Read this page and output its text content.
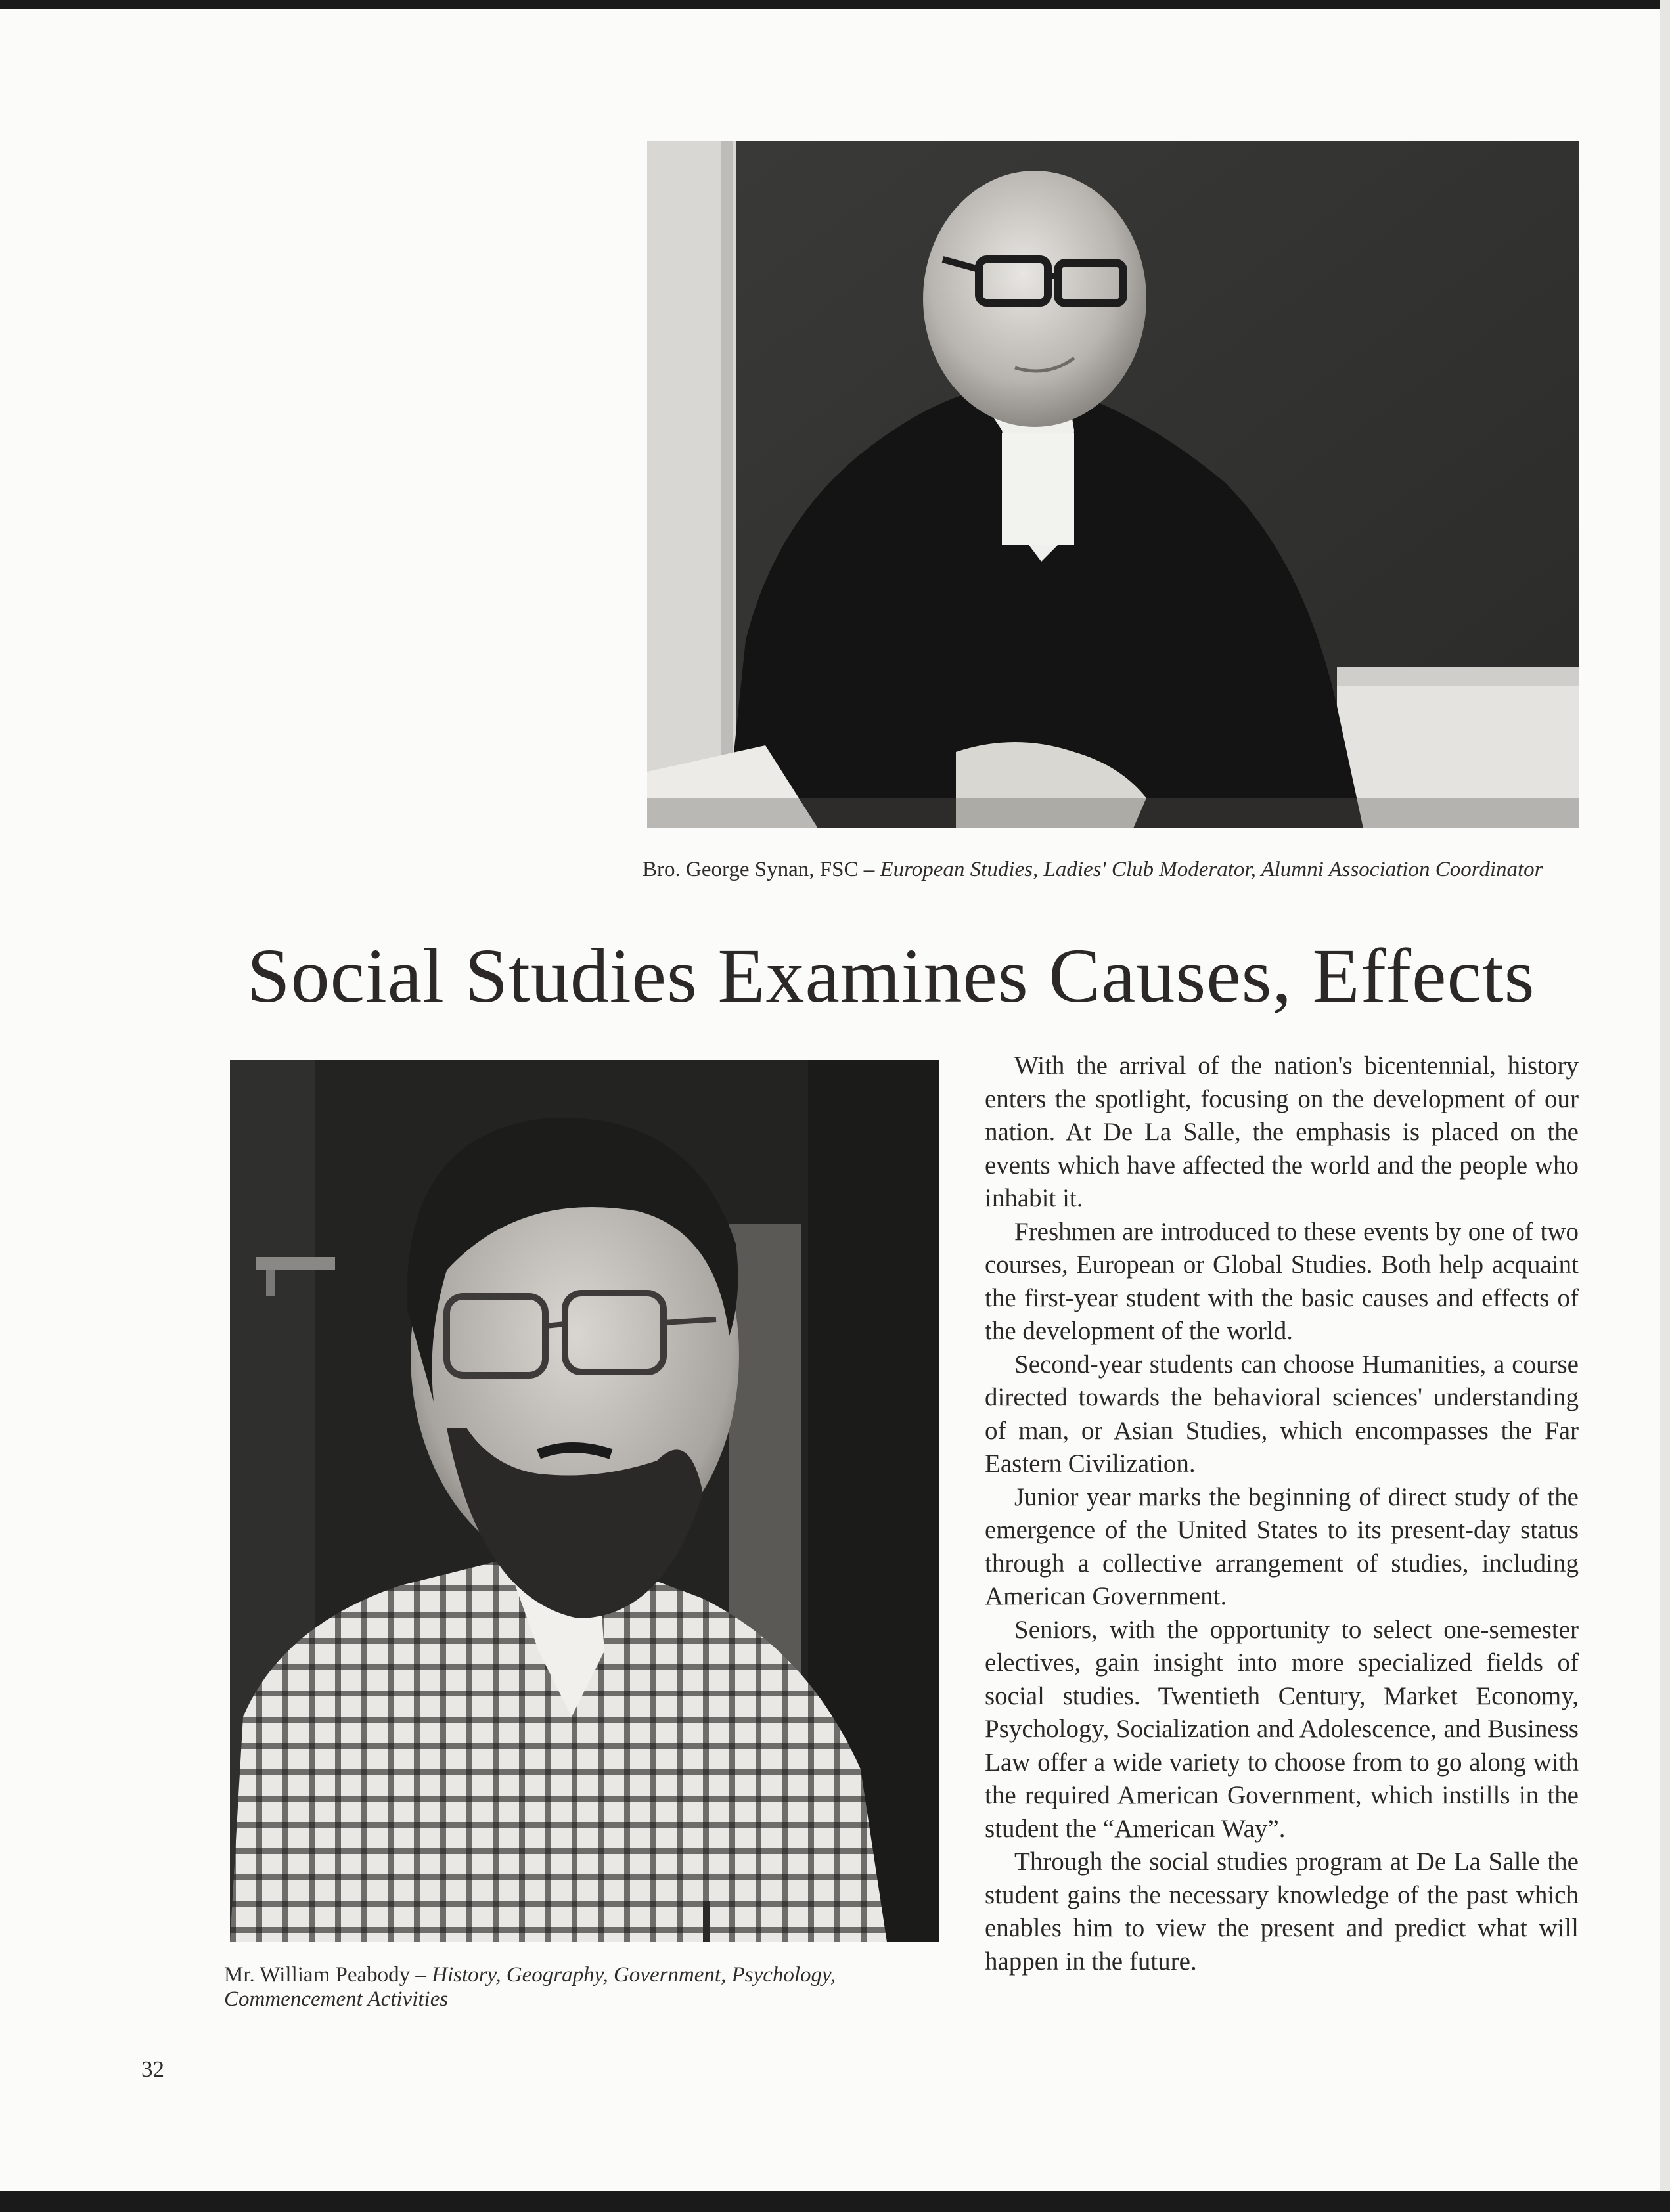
Bro. George Synan, FSC – European Studies, Ladies' Club Moderator, Alumni Association Coordinator
Social Studies Examines Causes, Effects
Mr. William Peabody – History, Geography, Government, Psychology, Commencement Activities

With the arrival of the nation's bicentennial, history enters the spotlight, focusing on the development of our nation. At De La Salle, the emphasis is placed on the events which have affected the world and the people who inhabit it.

Freshmen are introduced to these events by one of two courses, European or Global Studies. Both help acquaint the first-year student with the basic causes and effects of the development of the world.

Second-year students can choose Humanities, a course directed towards the behavioral sciences' understanding of man, or Asian Studies, which encompasses the Far Eastern Civilization.

Junior year marks the beginning of direct study of the emergence of the United States to its present-day status through a collective arrangement of studies, including American Government.

Seniors, with the opportunity to select one-semester electives, gain insight into more specialized fields of social studies. Twentieth Century, Market Economy, Psychology, Socialization and Adolescence, and Business Law offer a wide variety to choose from to go along with the required American Government, which instills in the student the “American Way”.

Through the social studies program at De La Salle the student gains the necessary knowledge of the past which enables him to view the present and predict what will happen in the future.

32
